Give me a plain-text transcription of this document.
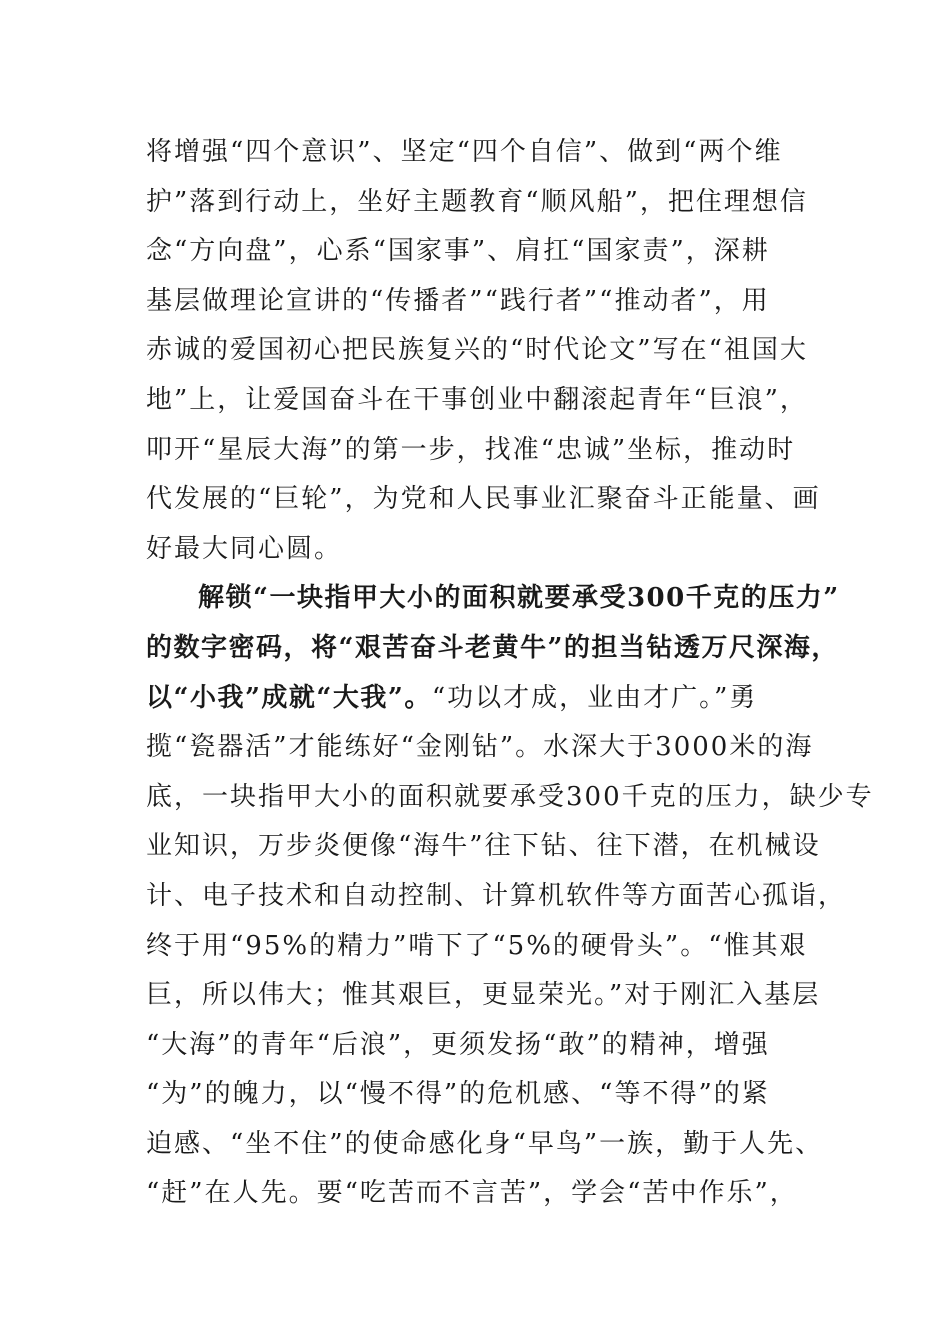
将增强“四个意识”、坚定“四个自信”、做到“两个维
护”落到行动上，坐好主题教育“顺风船”，把住理想信
念“方向盘”，心系“国家事”、肩扛“国家责”，深耕
基层做理论宣讲的“传播者”“践行者”“推动者”，用
赤诚的爱国初心把民族复兴的“时代论文”写在“祖国大
地”上，让爱国奋斗在干事创业中翻滚起青年“巨浪”，
叩开“星辰大海”的第一步，找准“忠诚”坐标，推动时
代发展的“巨轮”，为党和人民事业汇聚奋斗正能量、画
好最大同心圆。
解锁“一块指甲大小的面积就要承受300千克的压力”
的数字密码，将“艰苦奋斗老黄牛”的担当钻透万尺深海，
以“小我”成就“大我”。“功以才成，业由才广。”勇
揽“瓷器活”才能练好“金刚钻”。水深大于3000米的海
底，一块指甲大小的面积就要承受300千克的压力，缺少专
业知识，万步炎便像“海牛”往下钻、往下潜，在机械设
计、电子技术和自动控制、计算机软件等方面苦心孤诣，
终于用“95%的精力”啃下了“5%的硬骨头”。“惟其艰
巨，所以伟大；惟其艰巨，更显荣光。”对于刚汇入基层
“大海”的青年“后浪”，更须发扬“敢”的精神，增强
“为”的魄力，以“慢不得”的危机感、“等不得”的紧
迫感、“坐不住”的使命感化身“早鸟”一族，勤于人先、
“赶”在人先。要“吃苦而不言苦”，学会“苦中作乐”，
